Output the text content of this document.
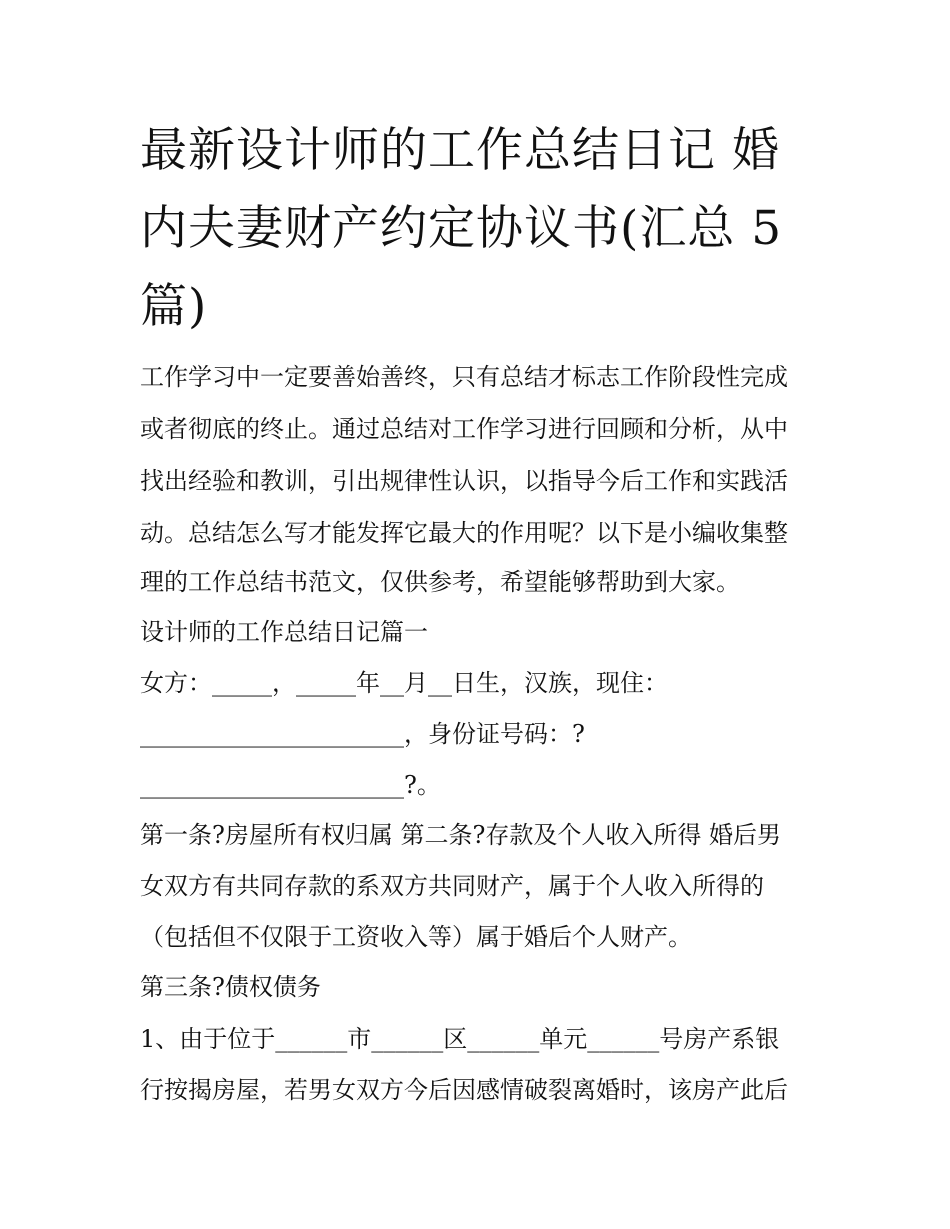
最新设计师的工作总结日记 婚
内夫妻财产约定协议书(汇总 5
篇)

工作学习中一定要善始善终，只有总结才标志工作阶段性完成

或者彻底的终止。通过总结对工作学习进行回顾和分析，从中

找出经验和教训，引出规律性认识，以指导今后工作和实践活

动。总结怎么写才能发挥它最大的作用呢？以下是小编收集整

理的工作总结书范文，仅供参考，希望能够帮助到大家。

设计师的工作总结日记篇一

女方：_____，_____年__月__日生，汉族，现住：

______________________，身份证号码：?

______________________?。

第一条?房屋所有权归属 第二条?存款及个人收入所得 婚后男

女双方有共同存款的系双方共同财产，属于个人收入所得的

（包括但不仅限于工资收入等）属于婚后个人财产。

第三条?债权债务

1、由于位于______市______区______单元______号房产系银

行按揭房屋，若男女双方今后因感情破裂离婚时，该房产此后
